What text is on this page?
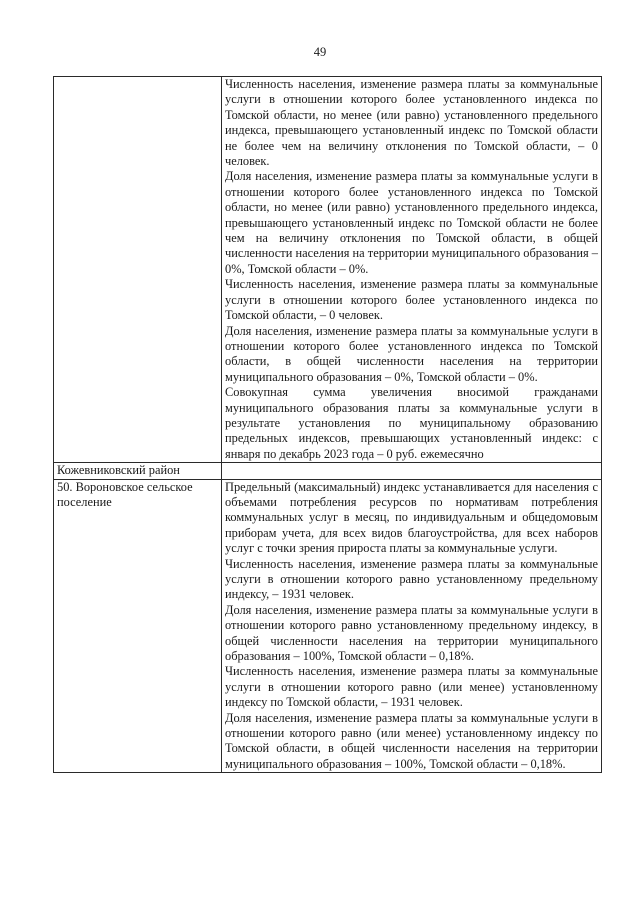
49

	Численность населения, изменение размера платы за коммунальные услуги в отношении которого более установленного индекса по Томской области, но менее (или равно) установленного предельного индекса, превышающего установленный индекс по Томской области не более чем на величину отклонения по Томской области, – 0 человек.

Доля населения, изменение размера платы за коммунальные услуги в отношении которого более установленного индекса по Томской области, но менее (или равно) установленного предельного индекса, превышающего установленный индекс по Томской области не более чем на величину отклонения по Томской области, в общей численности населения на территории муниципального образования – 0%, Томской области – 0%.

Численность населения, изменение размера платы за коммунальные услуги в отношении которого более установленного индекса по Томской области, – 0 человек.

Доля населения, изменение размера платы за коммунальные услуги в отношении которого более установленного индекса по Томской области, в общей численности населения на территории муниципального образования – 0%, Томской области – 0%.

Совокупная сумма увеличения вносимой гражданами муниципального образования платы за коммунальные услуги в результате установления по муниципальному образованию предельных индексов, превышающих установленный индекс: с января по декабрь 2023 года – 0 руб. ежемесячно

Кожевниковский район	
50. Вороновское сельское поселение	Предельный (максимальный) индекс устанавливается для населения с объемами потребления ресурсов по нормативам потребления коммунальных услуг в месяц, по индивидуальным и общедомовым приборам учета, для всех видов благоустройства, для всех наборов услуг с точки зрения прироста платы за коммунальные услуги.

Численность населения, изменение размера платы за коммунальные услуги в отношении которого равно установленному предельному индексу, – 1931 человек.

Доля населения, изменение размера платы за коммунальные услуги в отношении которого равно установленному предельному индексу, в общей численности населения на территории муниципального образования – 100%, Томской области – 0,18%.

Численность населения, изменение размера платы за коммунальные услуги в отношении которого равно (или менее) установленному индексу по Томской области, – 1931 человек.

Доля населения, изменение размера платы за коммунальные услуги в отношении которого равно (или менее) установленному индексу по Томской области, в общей численности населения на территории муниципального образования – 100%, Томской области – 0,18%.
